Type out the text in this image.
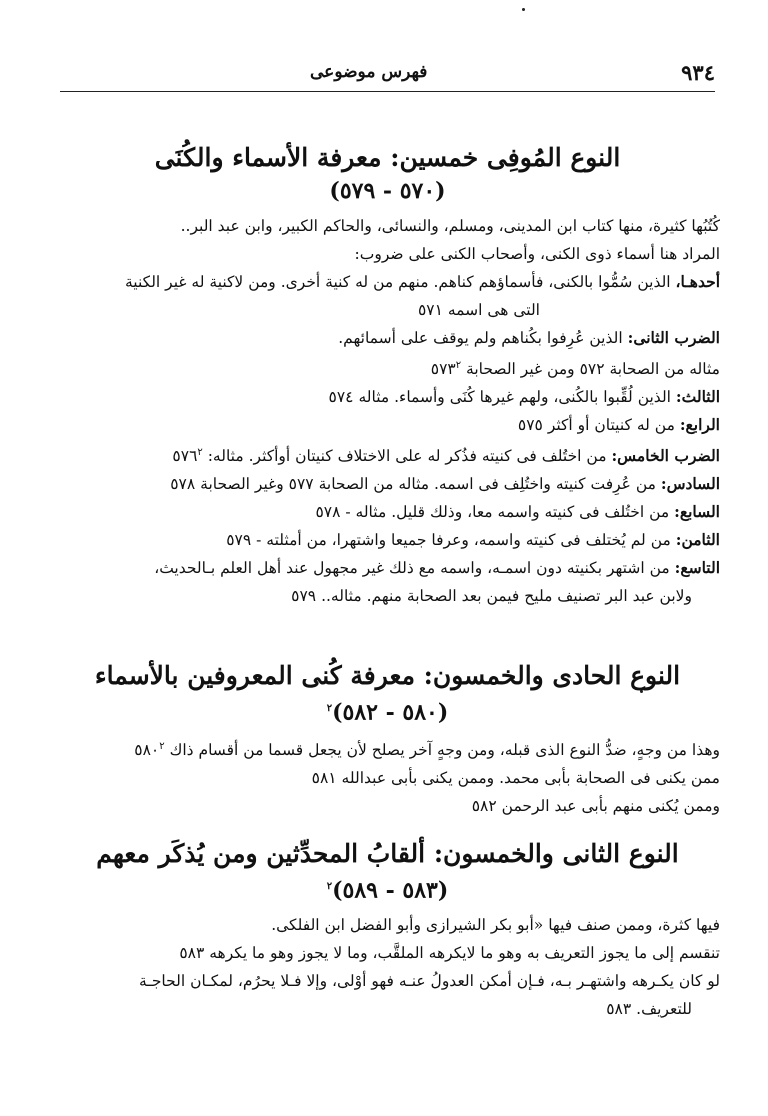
٩٣٤
فهرس موضوعى

النوع المُوفِى خمسين: معرفة الأسماء والكُنَى

(٥٧٠ - ٥٧٩)

كُتُبُها كثيرة، منها كتاب ابن المدينى، ومسلم، والنسائى، والحاكم الكبير، وابن عبد البر..

المراد هنا أسماء ذوى الكنى، وأصحاب الكنى على ضروب:

أحدهـا، الذين سُمُّوا بالكنى، فأسماؤهم كناهم. منهم من له كنية أخرى. ومن لاكنية له غير الكنية

التى هى اسمه ٥٧١

الضرب الثانى: الذين عُرِفوا بكُناهم ولم يوقف على أسمائهم.

مثاله من الصحابة ٥٧٢ ومن غير الصحابة $٥٧٣^٢$

الثالث: الذين لُقِّبوا بالكُنى، ولهم غيرها كُنَى وأسماء. مثاله ٥٧٤

الرابع: من له كنيتان أو أكثر ٥٧٥

الضرب الخامس: من اختُلف فى كنيته فذُكر له على الاختلاف كنيتان أوأكثر. مثاله: $٥٧٦^٢$

السادس: من عُرِفت كنيته واختُلِف فى اسمه. مثاله من الصحابة ٥٧٧ وغير الصحابة ٥٧٨

السابع: من اختُلف فى كنيته واسمه معا، وذلك قليل. مثاله - ٥٧٨

الثامن: من لم يُختلف فى كنيته واسمه، وعرفا جميعا واشتهرا، من أمثلته - ٥٧٩

التاسع: من اشتهر بكنيته دون اسمـه، واسمه مع ذلك غير مجهول عند أهل العلم بـالحديث،

ولابن عبد البر تصنيف مليح فيمن بعد الصحابة منهم. مثاله.. ٥٧٩

النوع الحادى والخمسون: معرفة كُنى المعروفين بالأسماء

(٥٨٠ - ٥٨٢)$^٢$

وهذا من وجهٍ، ضدُّ النوع الذى قبله، ومن وجهٍ آخر يصلح لأن يجعل قسما من أقسام ذاك $٥٨٠^٢$

ممن يكنى فى الصحابة بأبى محمد. وممن يكنى بأبى عبدالله ٥٨١

وممن يُكنى منهم بأبى عبد الرحمن ٥٨٢

النوع الثانى والخمسون: ألقابُ المحدِّثين ومن يُذكَر معهم

(٥٨٣ - ٥٨٩)$^٢$

فيها كثرة، وممن صنف فيها «أبو بكر الشيرازى وأبو الفضل ابن الفلكى.

تنقسم إلى ما يجوز التعريف به وهو ما لايكرهه الملقَّب، وما لا يجوز وهو ما يكرهه ٥٨٣

لو كان يكـرهه واشتهـر بـه، فـإن أمكن العدولُ عنـه فهو أوْلى، وإلا فـلا يحرُم، لمكـان الحاجـة

للتعريف. ٥٨٣
